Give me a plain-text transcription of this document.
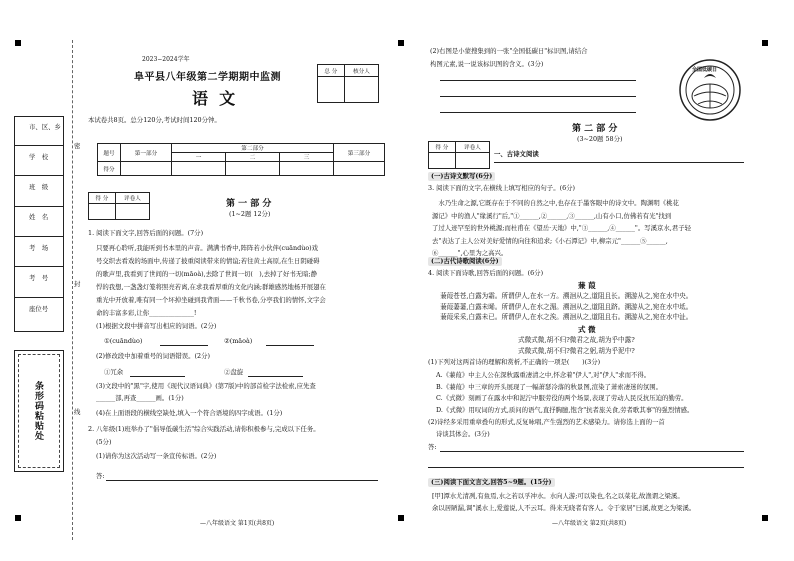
市、区、乡
学　校
班　级
姓　名
考　场
考　号
座位号
条形码粘贴处
密
封
线
2023−2024学年
阜平县八年级第二学期期中监测
语  文
总 分	核分人

本试卷共8页。总分120分,考试时间120分钟。
题号	第一部分	第二部分			第三部分
		一	二	三	
得分					
得 分	评卷人
		第 一 部 分
(1~2题 12分)
1. 阅读下面文字,回答后面的问题。(7分)
只要再心聆听,我能听到书本里的声音。满满书香中,阵阵若小伙伴(cuāndùo)戏
号交织去看戏的场面中,传递了披重阅读带来的情谊;若往黄土高原,在生日阴碰碍
的歌声里,我看到了世间的一切(māoà),去除了世间一切(　),去掉了好书无暗;静
悍的我想,一盏盏灯笼将照亮若离,在求我看厚重的文化内涵;群雄感然地杨开展翅在
重光中开放着,唯有同一个坏掉坐碰到我背面——千秋书卷,分亭我们的情怀,文字会
命的丰富多彩,让你______________!
(1)根据文段中拼音写出相应的词语。(2分)
①(cuāndùo)	②(māoà)
(2)修改段中加着重号的词语错误。(2分)
①冗余	②盘旋
(3)文段中的"黑"字,使用《现代汉语词典》(第7版)中的部首检字法检索,应先查
______部,再查______画。(1分)
(4)在上面语段的横线空缺处,填入一个符合语境的四字成语。(1分)
2. 八年级(1)班举办了"倡导低碳生活"综合实践活动,请你积极参与,完成以下任务。
(5分)
(1)请你为这次活动写一条宣传标语。(2分)
答:
—八年级语文 第1页(共8页)
(2)右图是小蒙搜集到的一张"全国低碳日"标识图,请结合
构图元素,说一说该标识图的含义。(3分)
全国低碳日
第 二 部 分
(3~20题 58分)
得 分	评卷人

一、古诗文阅读
(一)古诗文默写(6分)
3. 阅读下面的文字,在横线上填写相应的句子。(6分)
　水乃生命之源,它既存在于不同的自然之中,也存在于墨客眼中的诗文中。陶渊明《桃花
源记》中的渔人"缘溪行"后,"①______,②______,③______,山有小口,仿佛若有光"找到
了过人迹罕至的世外桃源;而杜甫在《望岳·天地》中,"③______,④______"。写溪京水,君子轻
去"表达了主人公对美好爱情的向往和追求;《小石潭记》中,柳宗元"______⑤______,
⑥______",心里为之高兴。
(二)古代诗歌阅读(6分)
4. 阅读下面诗歌,回答后面的问题。(6分)
蒹 葭
蒹葭苍苍,白露为霜。所谓伊人,在水一方。溯洄从之,道阻且长。溯游从之,宛在水中央。
蒹葭萋萋,白露未晞。所谓伊人,在水之湄。溯洄从之,道阻且跻。溯游从之,宛在水中坻。
蒹葭采采,白露未已。所谓伊人,在水之涘。溯洄从之,道阻且右。溯游从之,宛在水中沚。
式 微
式微式微,胡不归?微君之故,胡为乎中露?
式微式微,胡不归?微君之躬,胡为乎泥中?
(1)下列对这两首诗的理解和赏析,不正确的一项是(　　)(3分)
A.《蒹葭》中主人公在深秋露重凄清之中,怀念着"伊人",对"伊人"求而不得。
B.《蒹葭》中三章的开头展现了一幅萧瑟冷落的秋景图,渲染了萧索凄迷的氛围。
C.《式微》刻画了在露水中和泥泞中服劳役的两个场景,表现了劳动人民反抗压迫的勤劳。
D.《式微》用叹词的方式,质问的语气,直抒胸臆,饱含"抗者旅关食,劳者歌其事"的强烈情感。
(2)诗经多采用重章叠句的形式,反复咏唱,产生强烈的艺术感染力。请你选上面的一首
诗谈其体会。(3分)
答:
(三)阅读下面文言文,回答5~9题。(15分)
[甲]潭水尤清冽,有鱼焉,水之若以孚冲水。水向人游;可以染也,名之以菜花,故渔谓之梁溪。
余以居陋漏,调"溪水上,爱莲说,人不云耳。得来无晓者有客人。令于家居"曰溪,故更之为梁溪。
—八年级语文 第2页(共8页)
